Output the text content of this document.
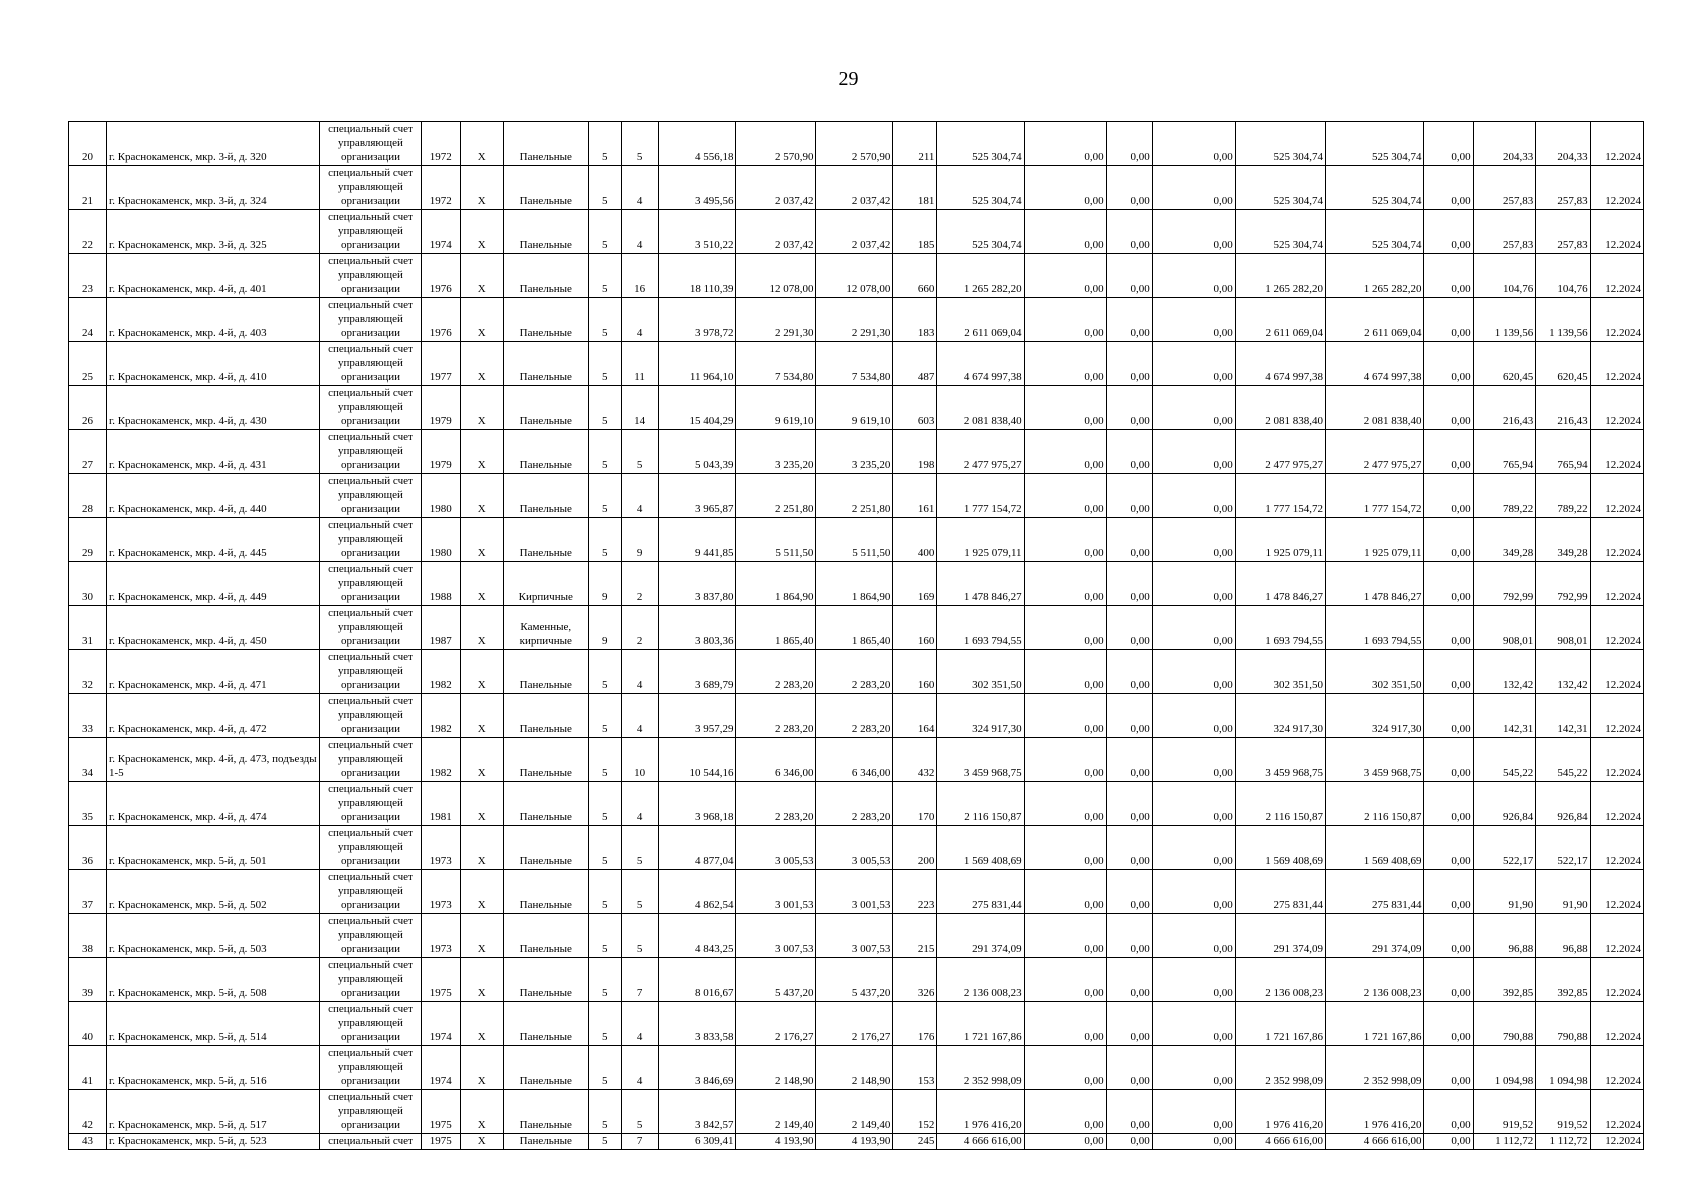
29
20	г. Краснокаменск, мкр. 3-й, д. 320	специальный счет управляющей организации	1972	Х	Панельные	5	5	4 556,18	2 570,90	2 570,90	211	525 304,74	0,00	0,00	0,00	525 304,74	525 304,74	0,00	204,33	204,33	12.2024
21	г. Краснокаменск, мкр. 3-й, д. 324	специальный счет управляющей организации	1972	Х	Панельные	5	4	3 495,56	2 037,42	2 037,42	181	525 304,74	0,00	0,00	0,00	525 304,74	525 304,74	0,00	257,83	257,83	12.2024
22	г. Краснокаменск, мкр. 3-й, д. 325	специальный счет управляющей организации	1974	Х	Панельные	5	4	3 510,22	2 037,42	2 037,42	185	525 304,74	0,00	0,00	0,00	525 304,74	525 304,74	0,00	257,83	257,83	12.2024
23	г. Краснокаменск, мкр. 4-й, д. 401	специальный счет управляющей организации	1976	Х	Панельные	5	16	18 110,39	12 078,00	12 078,00	660	1 265 282,20	0,00	0,00	0,00	1 265 282,20	1 265 282,20	0,00	104,76	104,76	12.2024
24	г. Краснокаменск, мкр. 4-й, д. 403	специальный счет управляющей организации	1976	Х	Панельные	5	4	3 978,72	2 291,30	2 291,30	183	2 611 069,04	0,00	0,00	0,00	2 611 069,04	2 611 069,04	0,00	1 139,56	1 139,56	12.2024
25	г. Краснокаменск, мкр. 4-й, д. 410	специальный счет управляющей организации	1977	Х	Панельные	5	11	11 964,10	7 534,80	7 534,80	487	4 674 997,38	0,00	0,00	0,00	4 674 997,38	4 674 997,38	0,00	620,45	620,45	12.2024
26	г. Краснокаменск, мкр. 4-й, д. 430	специальный счет управляющей организации	1979	Х	Панельные	5	14	15 404,29	9 619,10	9 619,10	603	2 081 838,40	0,00	0,00	0,00	2 081 838,40	2 081 838,40	0,00	216,43	216,43	12.2024
27	г. Краснокаменск, мкр. 4-й, д. 431	специальный счет управляющей организации	1979	Х	Панельные	5	5	5 043,39	3 235,20	3 235,20	198	2 477 975,27	0,00	0,00	0,00	2 477 975,27	2 477 975,27	0,00	765,94	765,94	12.2024
28	г. Краснокаменск, мкр. 4-й, д. 440	специальный счет управляющей организации	1980	Х	Панельные	5	4	3 965,87	2 251,80	2 251,80	161	1 777 154,72	0,00	0,00	0,00	1 777 154,72	1 777 154,72	0,00	789,22	789,22	12.2024
29	г. Краснокаменск, мкр. 4-й, д. 445	специальный счет управляющей организации	1980	Х	Панельные	5	9	9 441,85	5 511,50	5 511,50	400	1 925 079,11	0,00	0,00	0,00	1 925 079,11	1 925 079,11	0,00	349,28	349,28	12.2024
30	г. Краснокаменск, мкр. 4-й, д. 449	специальный счет управляющей организации	1988	Х	Кирпичные	9	2	3 837,80	1 864,90	1 864,90	169	1 478 846,27	0,00	0,00	0,00	1 478 846,27	1 478 846,27	0,00	792,99	792,99	12.2024
31	г. Краснокаменск, мкр. 4-й, д. 450	специальный счет управляющей организации	1987	Х	Каменные, кирпичные	9	2	3 803,36	1 865,40	1 865,40	160	1 693 794,55	0,00	0,00	0,00	1 693 794,55	1 693 794,55	0,00	908,01	908,01	12.2024
32	г. Краснокаменск, мкр. 4-й, д. 471	специальный счет управляющей организации	1982	Х	Панельные	5	4	3 689,79	2 283,20	2 283,20	160	302 351,50	0,00	0,00	0,00	302 351,50	302 351,50	0,00	132,42	132,42	12.2024
33	г. Краснокаменск, мкр. 4-й, д. 472	специальный счет управляющей организации	1982	Х	Панельные	5	4	3 957,29	2 283,20	2 283,20	164	324 917,30	0,00	0,00	0,00	324 917,30	324 917,30	0,00	142,31	142,31	12.2024
34	г. Краснокаменск, мкр. 4-й, д. 473, подъезды 1-5	специальный счет управляющей организации	1982	Х	Панельные	5	10	10 544,16	6 346,00	6 346,00	432	3 459 968,75	0,00	0,00	0,00	3 459 968,75	3 459 968,75	0,00	545,22	545,22	12.2024
35	г. Краснокаменск, мкр. 4-й, д. 474	специальный счет управляющей организации	1981	Х	Панельные	5	4	3 968,18	2 283,20	2 283,20	170	2 116 150,87	0,00	0,00	0,00	2 116 150,87	2 116 150,87	0,00	926,84	926,84	12.2024
36	г. Краснокаменск, мкр. 5-й, д. 501	специальный счет управляющей организации	1973	Х	Панельные	5	5	4 877,04	3 005,53	3 005,53	200	1 569 408,69	0,00	0,00	0,00	1 569 408,69	1 569 408,69	0,00	522,17	522,17	12.2024
37	г. Краснокаменск, мкр. 5-й, д. 502	специальный счет управляющей организации	1973	Х	Панельные	5	5	4 862,54	3 001,53	3 001,53	223	275 831,44	0,00	0,00	0,00	275 831,44	275 831,44	0,00	91,90	91,90	12.2024
38	г. Краснокаменск, мкр. 5-й, д. 503	специальный счет управляющей организации	1973	Х	Панельные	5	5	4 843,25	3 007,53	3 007,53	215	291 374,09	0,00	0,00	0,00	291 374,09	291 374,09	0,00	96,88	96,88	12.2024
39	г. Краснокаменск, мкр. 5-й, д. 508	специальный счет управляющей организации	1975	Х	Панельные	5	7	8 016,67	5 437,20	5 437,20	326	2 136 008,23	0,00	0,00	0,00	2 136 008,23	2 136 008,23	0,00	392,85	392,85	12.2024
40	г. Краснокаменск, мкр. 5-й, д. 514	специальный счет управляющей организации	1974	Х	Панельные	5	4	3 833,58	2 176,27	2 176,27	176	1 721 167,86	0,00	0,00	0,00	1 721 167,86	1 721 167,86	0,00	790,88	790,88	12.2024
41	г. Краснокаменск, мкр. 5-й, д. 516	специальный счет управляющей организации	1974	Х	Панельные	5	4	3 846,69	2 148,90	2 148,90	153	2 352 998,09	0,00	0,00	0,00	2 352 998,09	2 352 998,09	0,00	1 094,98	1 094,98	12.2024
42	г. Краснокаменск, мкр. 5-й, д. 517	специальный счет управляющей организации	1975	Х	Панельные	5	5	3 842,57	2 149,40	2 149,40	152	1 976 416,20	0,00	0,00	0,00	1 976 416,20	1 976 416,20	0,00	919,52	919,52	12.2024
43	г. Краснокаменск, мкр. 5-й, д. 523	специальный счет	1975	Х	Панельные	5	7	6 309,41	4 193,90	4 193,90	245	4 666 616,00	0,00	0,00	0,00	4 666 616,00	4 666 616,00	0,00	1 112,72	1 112,72	12.2024
